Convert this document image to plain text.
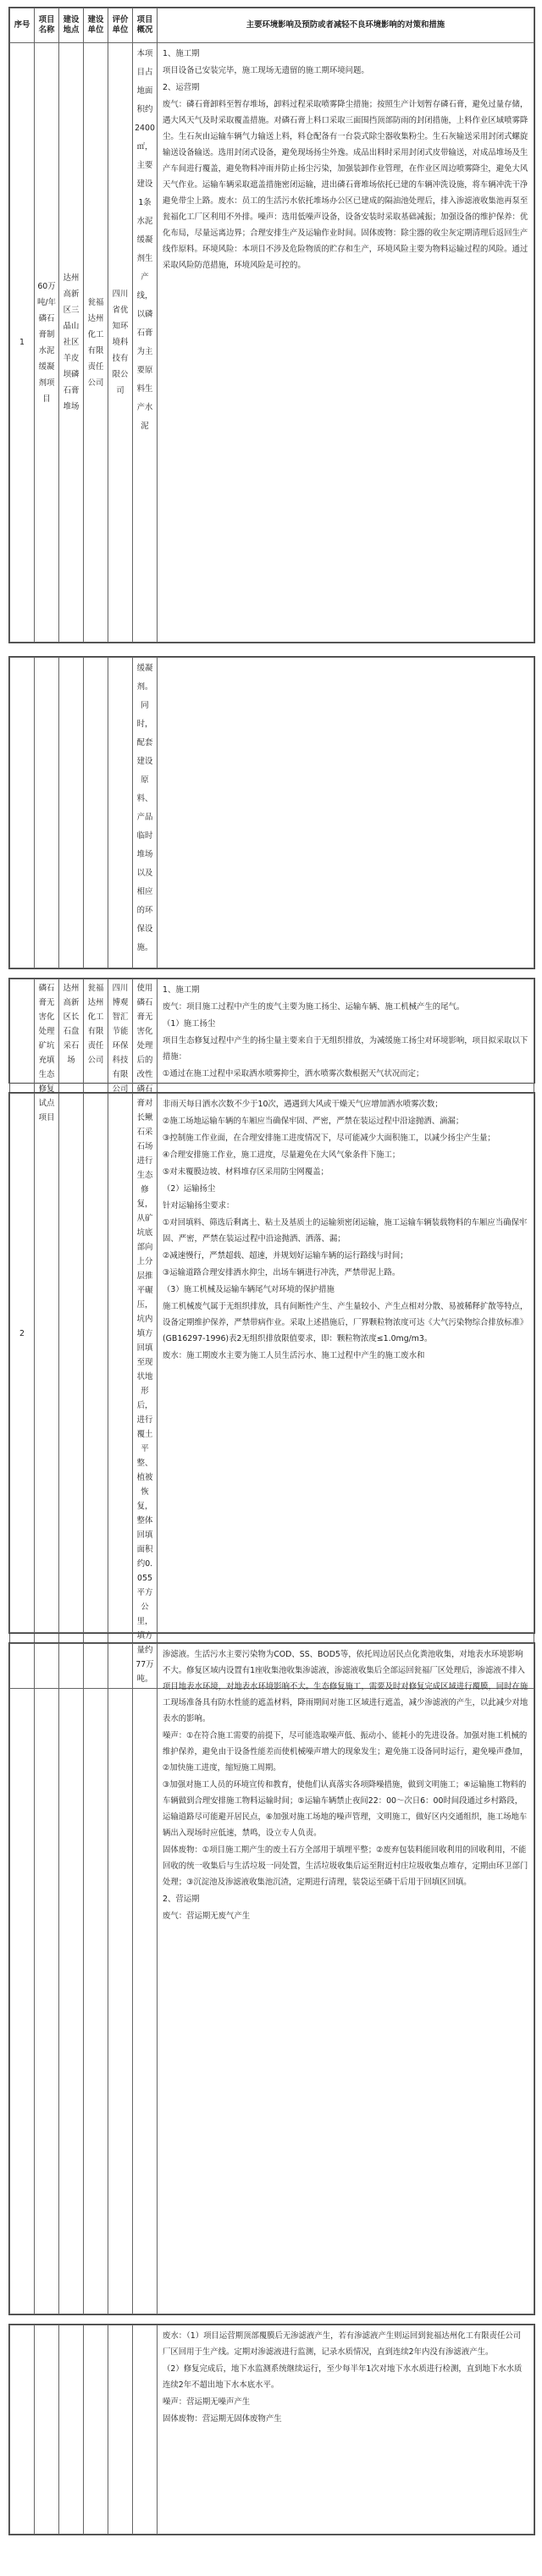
序号	项目名称	建设地点	建设单位	评价单位	项目概况	主要环境影响及预防或者减轻不良环境影响的对策和措施
1	60万吨/年磷石膏制水泥缓凝剂项目	达州高新区三晶山社区羊皮坝磷石膏堆场	瓮福达州化工有限责任公司	四川省优知环境科技有限公司	本项目占地面积约2400㎡，主要建设1条水泥缓凝剂生产线，以磷石膏为主要原料生产水泥	1、施工期

项目设备已安装完毕，施工现场无遗留的施工期环境问题。

2、运营期

废气：磷石膏卸料至暂存堆场，卸料过程采取喷雾降尘措施；按照生产计划暂存磷石膏，避免过量存储，遇大风天气及时采取覆盖措施。对磷石膏上料口采取三面围挡顶部防雨的封闭措施，上料作业区域喷雾降尘。生石灰由运输车辆气力输送上料，料仓配备有一台袋式除尘器收集粉尘。生石灰输送采用封闭式螺旋输送设备输送。选用封闭式设备，避免现场扬尘外逸。成品出料时采用封闭式皮带输送，对成品堆场及生产车间进行覆盖，避免物料冲雨并防止扬尘污染，加强装卸作业管理，在作业区周边喷雾降尘，避免大风天气作业。运输车辆采取遮盖措施密闭运输，进出磷石膏堆场依托已建的车辆冲洗设施，将车辆冲洗干净避免带尘上路。废水：员工的生活污水依托堆场办公区已建成的隔油池处理后，排入渗滤液收集池再泵至瓮福化工厂区利用不外排。噪声：选用低噪声设备，设备安装时采取基础减振；加强设备的维护保养：优化布局，尽量远离边界；合理安排生产及运输作业时间。固体废物：除尘器的收尘灰定期清理后返回生产线作原料。环境风险：本项目不涉及危险物质的贮存和生产，环境风险主要为物料运输过程的风险。通过采取风险防范措施，环境风险是可控的。

					缓凝剂。同时，配套建设原料、产品临时堆场以及相应的环保设施。	
2	磷石膏无害化处理矿坑充填生态修复试点项目	达州高新区长石盘采石场	瓮福达州化工有限责任公司	四川博观智汇节能环保科技有限公司	使用磷石膏无害化处理后的改性磷石膏对长鳅石采石场进行生态修复，从矿坑底部向上分层推平碾压，坑内填方回填至现状地形后，进行覆土平整、植被恢复，整体回填面积约0.055平方公里，填方量约77万吨。	

1、施工期

废气：项目施工过程中产生的废气主要为施工扬尘、运输车辆、施工机械产生的尾气。

（1）施工扬尘

项目生态修复过程中产生的扬尘量主要来自于无组织排放，为减缓施工扬尘对环境影响，项目拟采取以下措施：

①通过在施工过程中采取洒水喷雾抑尘，洒水喷雾次数根据天气状况而定；

非雨天每日洒水次数不少于10次，遇遇到大风或干燥天气应增加洒水喷雾次数；

②施工场地运输车辆的车厢应当确保牢固、严密，严禁在装运过程中沿途抛洒、滴漏；

③控制施工作业面，在合理安排施工进度情况下，尽可能减少大面积施工，以减少扬尘产生量；

④合理安排施工作业，施工进度，尽量避免在大风气象条件下施工；

⑤对未覆膜边坡、材料堆存区采用防尘网覆盖；

（2）运输扬尘

针对运输扬尘要求：

①对回填料、筛选后剩离土、粘土及基质土的运输须密闭运输，施工运输车辆装载物料的车厢应当确保牢固、严密，严禁在装运过程中沿途抛洒、洒落、漏；

②减速慢行，严禁超载、超速，并规划好运输车辆的运行路线与时间；

③运输道路合理安排洒水抑尘，出场车辆进行冲洗，严禁带泥上路。

（3）施工机械及运输车辆尾气对环境的保护措施

施工机械废气属于无组织排放，具有间断性产生、产生量较小、产生点相对分散、易被稀释扩散等特点，设备定期维护保养，严禁带病作业。采取上述措施后，厂界颗粒物浓度可达《大气污染物综合排放标准》(GB16297-1996)表2无组织排放限值要求，即：颗粒物浓度≤1.0mg/m3。

废水：施工期废水主要为施工人员生活污水、施工过程中产生的施工废水和

渗滤液。生活污水主要污染物为COD、SS、BOD5等，依托周边居民点化粪池收集，对地表水环境影响不大。修复区域内设置有1座收集池收集渗滤液，渗滤液收集后全部运回瓮福厂区处理后，渗滤液不排入项目地表水环境，对地表水环境影响不大。生态修复施工，需要及时对修复完成区域进行覆膜，同时在施工现场准备具有防水性能的遮盖材料，降雨期间对施工区域进行遮盖，减少渗滤液的产生，以此减少对地表水的影响。

噪声：①在符合施工需要的前提下，尽可能选取噪声低、振动小、能耗小的先进设备。加强对施工机械的维护保养，避免由于设备性能差而使机械噪声增大的现象发生；避免施工设备同时运行，避免噪声叠加，②加快施工进度，缩短施工周期。

③加强对施工人员的环境宣传和教育，使他们认真落实各项降噪措施，做到文明施工；④运输施工物料的车辆做到合理安排施工物料运输时间；⑤运输车辆禁止夜间22：00～次日6：00时间段通过乡村路段，运输道路尽可能避开居民点，⑥加强对施工场地的噪声管理，文明施工，做好区内交通组织，施工场地车辆出入现场时应低速，禁鸣，设立专人负责。

固体废物：①项目施工期产生的废土石方全部用于填埋平整；②废弃包装料能回收利用的回收利用，不能回收的统一收集后与生活垃圾一同处置，生活垃圾收集后运至附近村庄垃圾收集点堆存，定期由环卫部门处理；③沉淀池及渗滤液收集池沉渣，定期进行清理，装袋运至磷干后用于回填区回填。

2、营运期

废气：营运期无废气产生

废水：（1）项目运营期顶部覆膜后无渗滤液产生，若有渗滤液产生则运回到瓮福达州化工有限责任公司厂区回用于生产线。定期对渗滤液进行监测，记录水质情况，直到连续2年内没有渗滤液产生。

（2）修复完成后，地下水监测系统继续运行，至少每半年1次对地下水水质进行检测，直到地下水水质连续2年不超出地下水本底水平。

噪声：营运期无噪声产生

固体废物：营运期无固体废物产生
